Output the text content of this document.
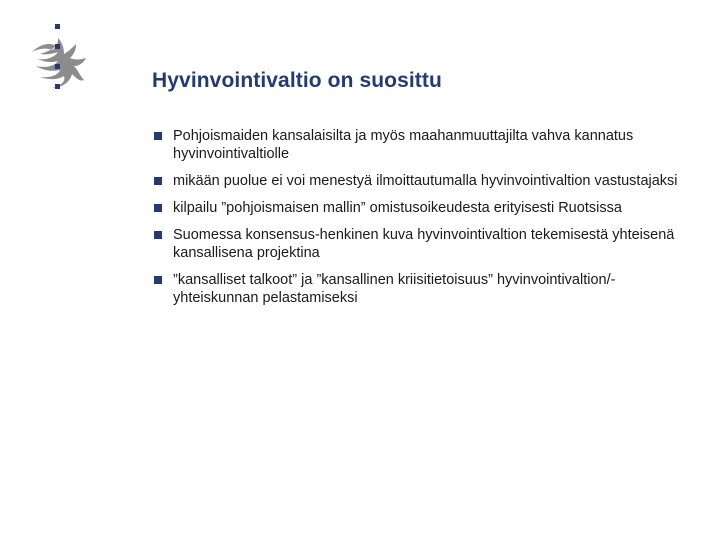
Hyvinvointivaltio on suosittu
Pohjoismaiden kansalaisilta ja myös maahanmuuttajilta vahva kannatus hyvinvointivaltiolle
mikään puolue ei voi menestyä ilmoittautumalla hyvinvointivaltion vastustajaksi
kilpailu ”pohjoismaisen mallin” omistusoikeudesta erityisesti Ruotsissa
Suomessa konsensus-henkinen kuva hyvinvointivaltion tekemisestä yhteisenä kansallisena projektina
”kansalliset talkoot” ja ”kansallinen kriisitietoisuus” hyvinvointivaltion/-yhteiskunnan pelastamiseksi
